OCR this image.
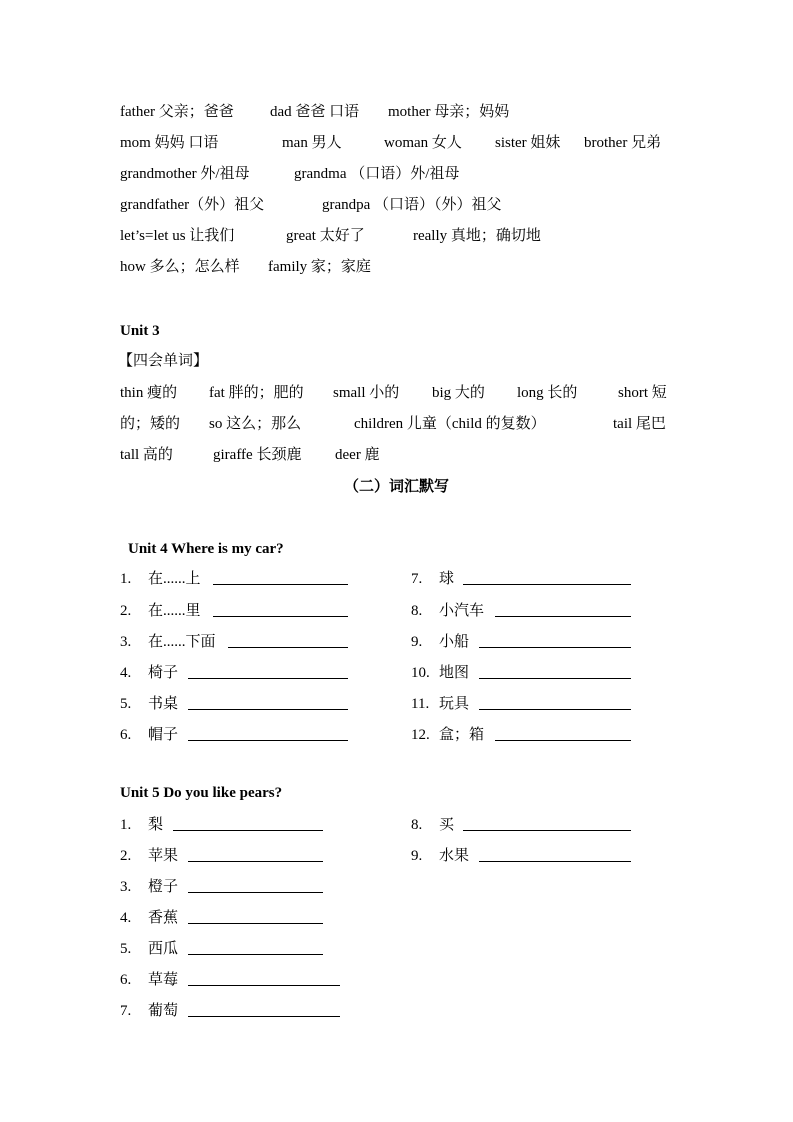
father 父亲；爸爸 dad 爸爸 口语 mother 母亲；妈妈
mom 妈妈 口语	man 男人	woman 女人 sister 姐妹 brother 兄弟
grandmother 外/祖母	grandma （口语）外/祖母
grandfather（外）祖父	grandpa （口语）（外）祖父
let’s=let us 让我们	great 太好了	really 真地；确切地
how 多么；怎么样 family 家；家庭
Unit 3
【四会单词】
thin 瘦的 fat 胖的；肥的 small 小的 big 大的 long 长的	short 短
的；矮的 so 这么；那么	children 儿童（child 的复数）	tail 尾巴
tall 高的	giraffe 长颈鹿 deer 鹿
（二）词汇默写
Unit 4 Where is my car?
1. 在......上
2. 在......里
3. 在......下面
4. 椅子
5. 书桌
6. 帽子
7. 球
8. 小汽车
9. 小船
10. 地图
11. 玩具
12. 盒；箱
Unit 5 Do you like pears?
1. 梨
2. 苹果
3. 橙子
4. 香蕉
5. 西瓜
6. 草莓
7. 葡萄
8. 买
9. 水果
